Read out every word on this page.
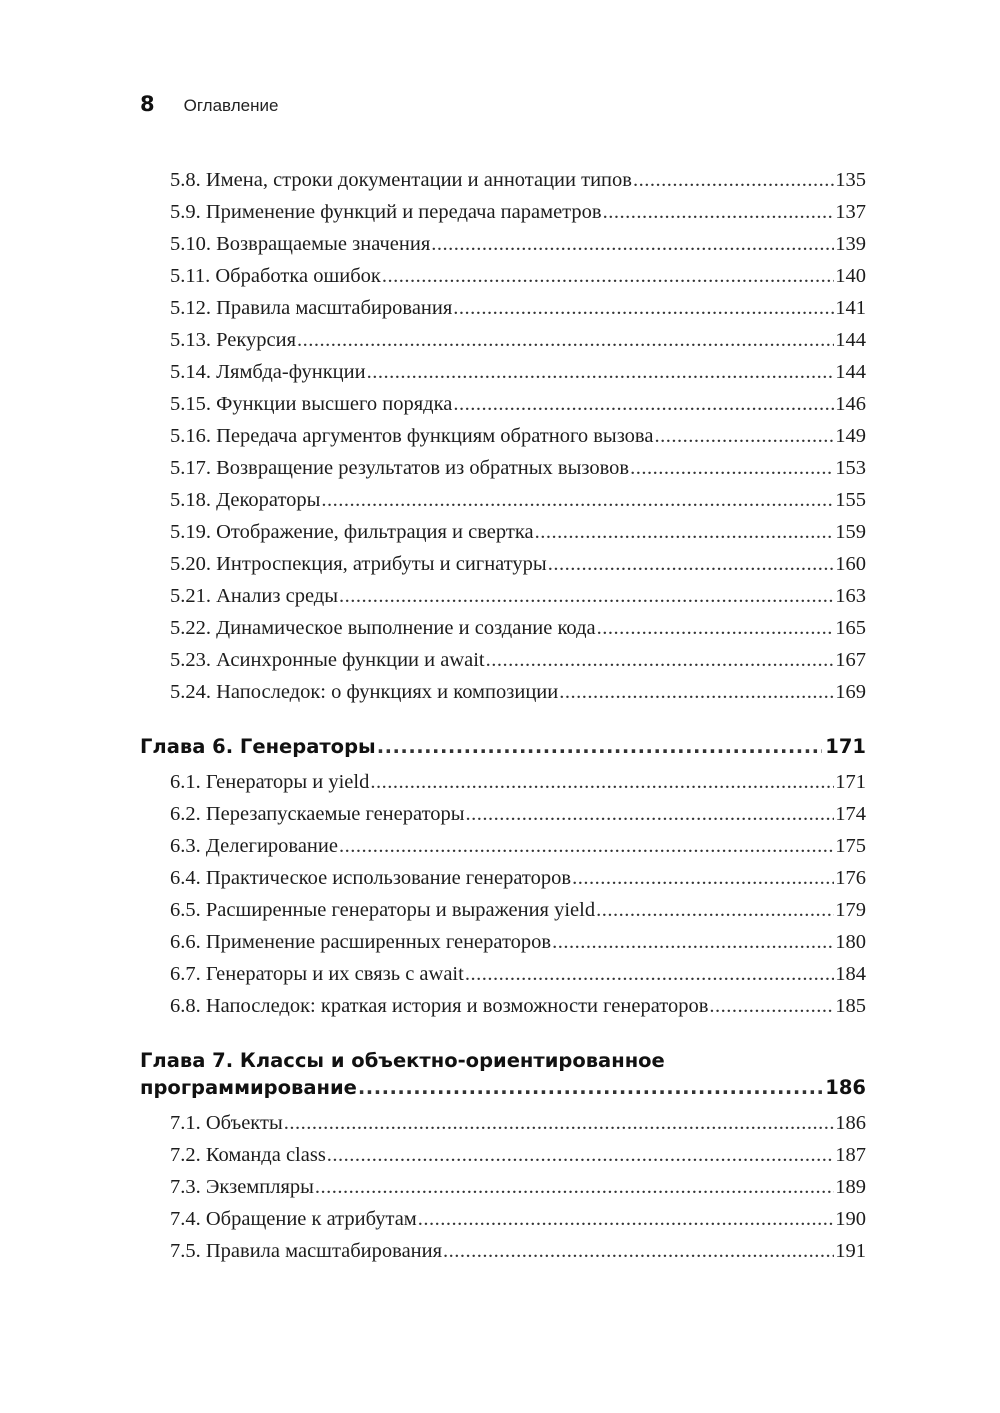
8 Оглавление
5.8. Имена, строки документации и аннотации типов .....	135
5.9. Применение функций и передача параметров .....	137
5.10. Возвращаемые значения .....	139
5.11. Обработка ошибок .....	140
5.12. Правила масштабирования .....	141
5.13. Рекурсия .....	144
5.14. Лямбда-функции .....	144
5.15. Функции высшего порядка .....	146
5.16. Передача аргументов функциям обратного вызова .....	149
5.17. Возвращение результатов из обратных вызовов .....	153
5.18. Декораторы .....	155
5.19. Отображение, фильтрация и свертка .....	159
5.20. Интроспекция, атрибуты и сигнатуры .....	160
5.21. Анализ среды .....	163
5.22. Динамическое выполнение и создание кода .....	165
5.23. Асинхронные функции и await .....	167
5.24. Напоследок: о функциях и композиции .....	169
Глава 6. Генераторы .....	171
6.1. Генераторы и yield .....	171
6.2. Перезапускаемые генераторы .....	174
6.3. Делегирование .....	175
6.4. Практическое использование генераторов .....	176
6.5. Расширенные генераторы и выражения yield .....	179
6.6. Применение расширенных генераторов .....	180
6.7. Генераторы и их связь с await .....	184
6.8. Напоследок: краткая история и возможности генераторов .....	185
Глава 7. Классы и объектно-ориентированное
программирование .....	186
7.1. Объекты .....	186
7.2. Команда class .....	187
7.3. Экземпляры .....	189
7.4. Обращение к атрибутам .....	190
7.5. Правила масштабирования .....	191
